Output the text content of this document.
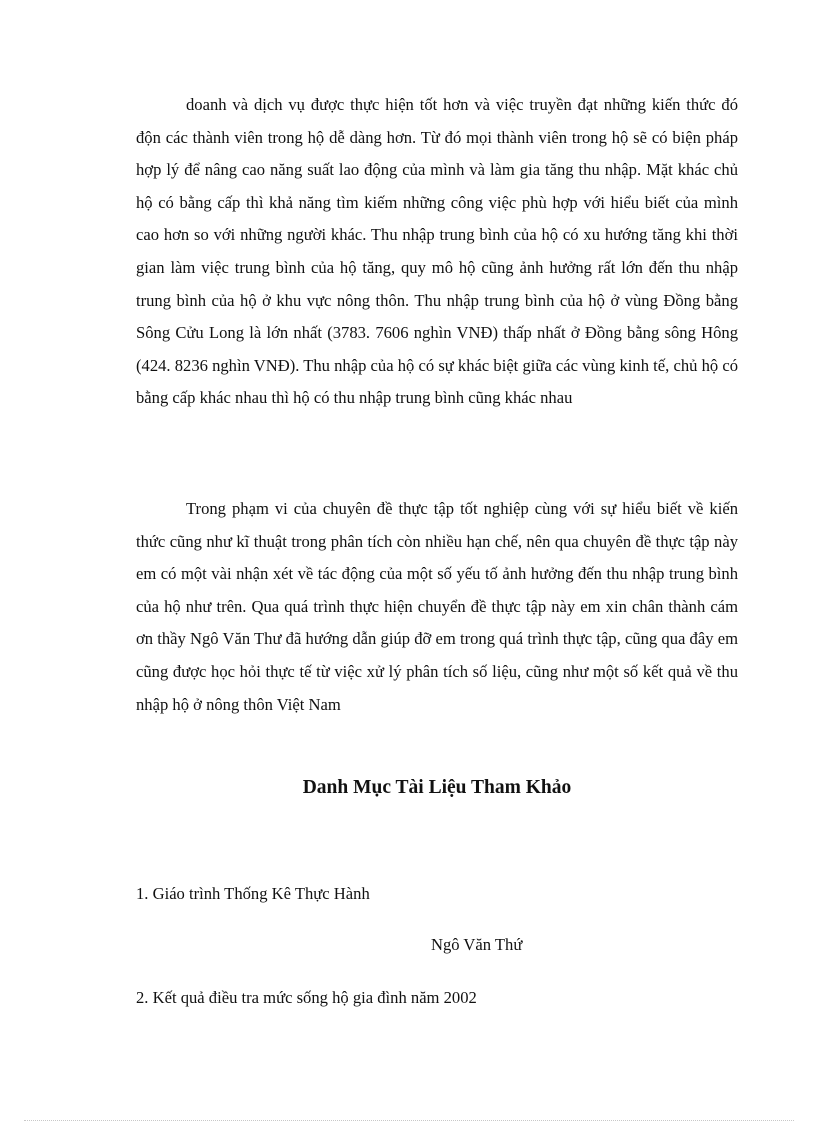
doanh và dịch vụ được thực hiện tốt hơn và việc truyền đạt những kiến thức đó độn các thành viên trong hộ dễ dàng hơn. Từ đó mọi thành viên trong hộ sẽ có biện pháp hợp lý để nâng cao năng suất lao động của mình và làm gia tăng thu nhập. Mặt khác chủ hộ có bằng cấp thì khả năng tìm kiếm những công việc phù hợp với hiểu biết của mình cao hơn so với những người khác. Thu nhập trung bình của hộ có xu hướng tăng khi thời gian làm việc trung bình của hộ tăng, quy mô hộ cũng ảnh hưởng rất lớn đến thu nhập trung bình của hộ ở khu vực nông thôn. Thu nhập trung bình của hộ ở vùng Đồng bằng Sông Cửu Long là lớn nhất (3783. 7606 nghìn VNĐ) thấp nhất ở Đồng bằng sông Hông (424. 8236 nghìn VNĐ). Thu nhập của hộ có sự khác biệt giữa các vùng kinh tế, chủ hộ có bằng cấp khác nhau thì hộ có thu nhập trung bình cũng khác nhau

Trong phạm vi của chuyên đề thực tập tốt nghiệp cùng với sự hiểu biết về kiến thức cũng như kĩ thuật trong phân tích còn nhiều hạn chế, nên qua chuyên đề thực tập này em có một vài nhận xét về tác động của một số yếu tố ảnh hưởng đến thu nhập trung bình của hộ như trên. Qua quá trình thực hiện chuyển đề thực tập này em xin chân thành cám ơn thầy Ngô Văn Thư đã hướng dẫn giúp đỡ em trong quá trình thực tập, cũng qua đây em cũng được học hỏi thực tế từ việc xử lý phân tích số liệu, cũng như một số kết quả về thu nhập hộ ở nông thôn Việt Nam

Danh Mục Tài Liệu Tham Khảo

1. Giáo trình Thống Kê Thực Hành

Ngô Văn Thứ

2. Kết quả điều tra mức sống hộ gia đình năm 2002
